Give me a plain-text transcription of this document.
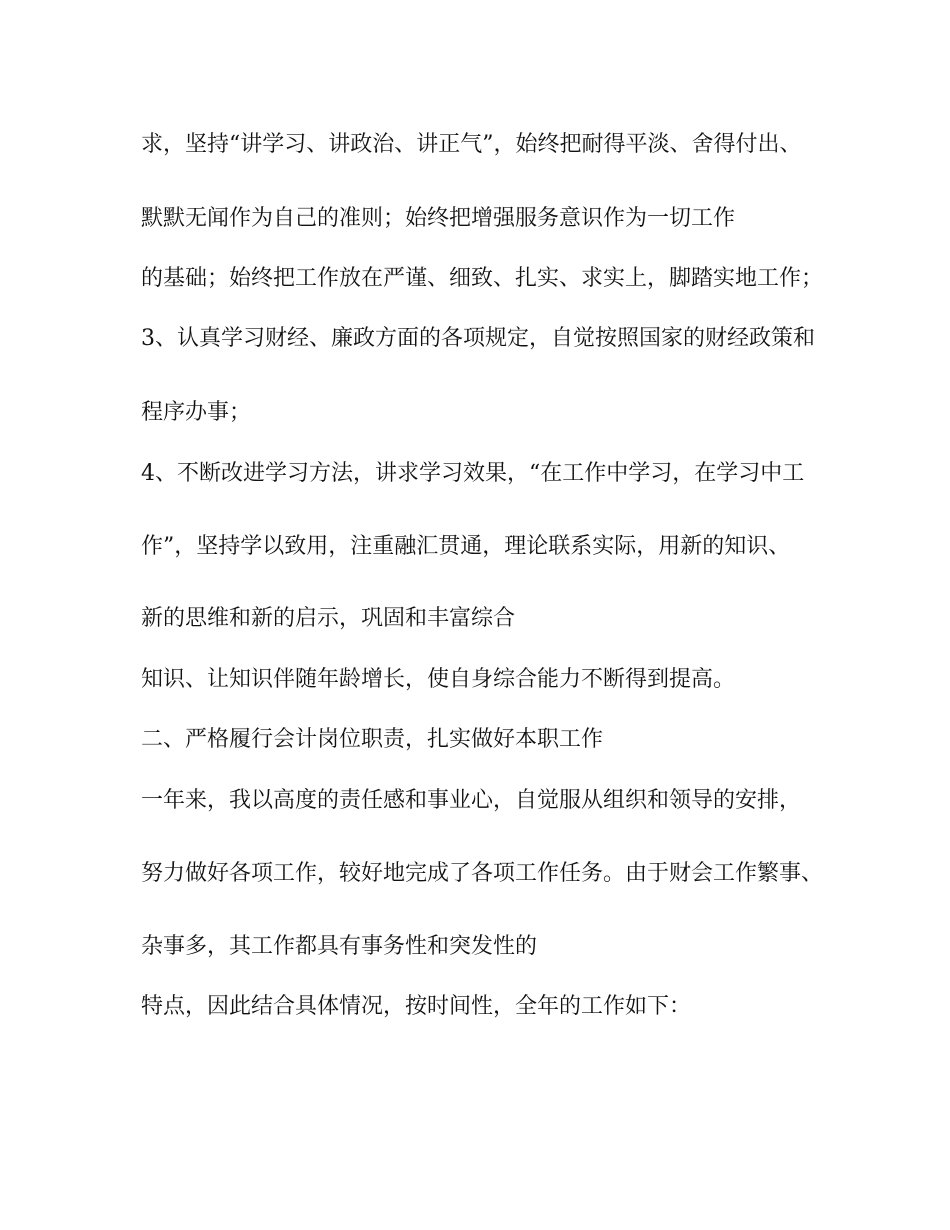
求，坚持“讲学习、讲政治、讲正气”，始终把耐得平淡、舍得付出、

默默无闻作为自己的准则；始终把增强服务意识作为一切工作

的基础；始终把工作放在严谨、细致、扎实、求实上，脚踏实地工作；

3、认真学习财经、廉政方面的各项规定，自觉按照国家的财经政策和

程序办事；

4、不断改进学习方法，讲求学习效果，“在工作中学习，在学习中工

作”，坚持学以致用，注重融汇贯通，理论联系实际，用新的知识、

新的思维和新的启示，巩固和丰富综合

知识、让知识伴随年龄增长，使自身综合能力不断得到提高。

二、严格履行会计岗位职责，扎实做好本职工作

一年来，我以高度的责任感和事业心，自觉服从组织和领导的安排，

努力做好各项工作，较好地完成了各项工作任务。由于财会工作繁事、

杂事多，其工作都具有事务性和突发性的

特点，因此结合具体情况，按时间性，全年的工作如下：
